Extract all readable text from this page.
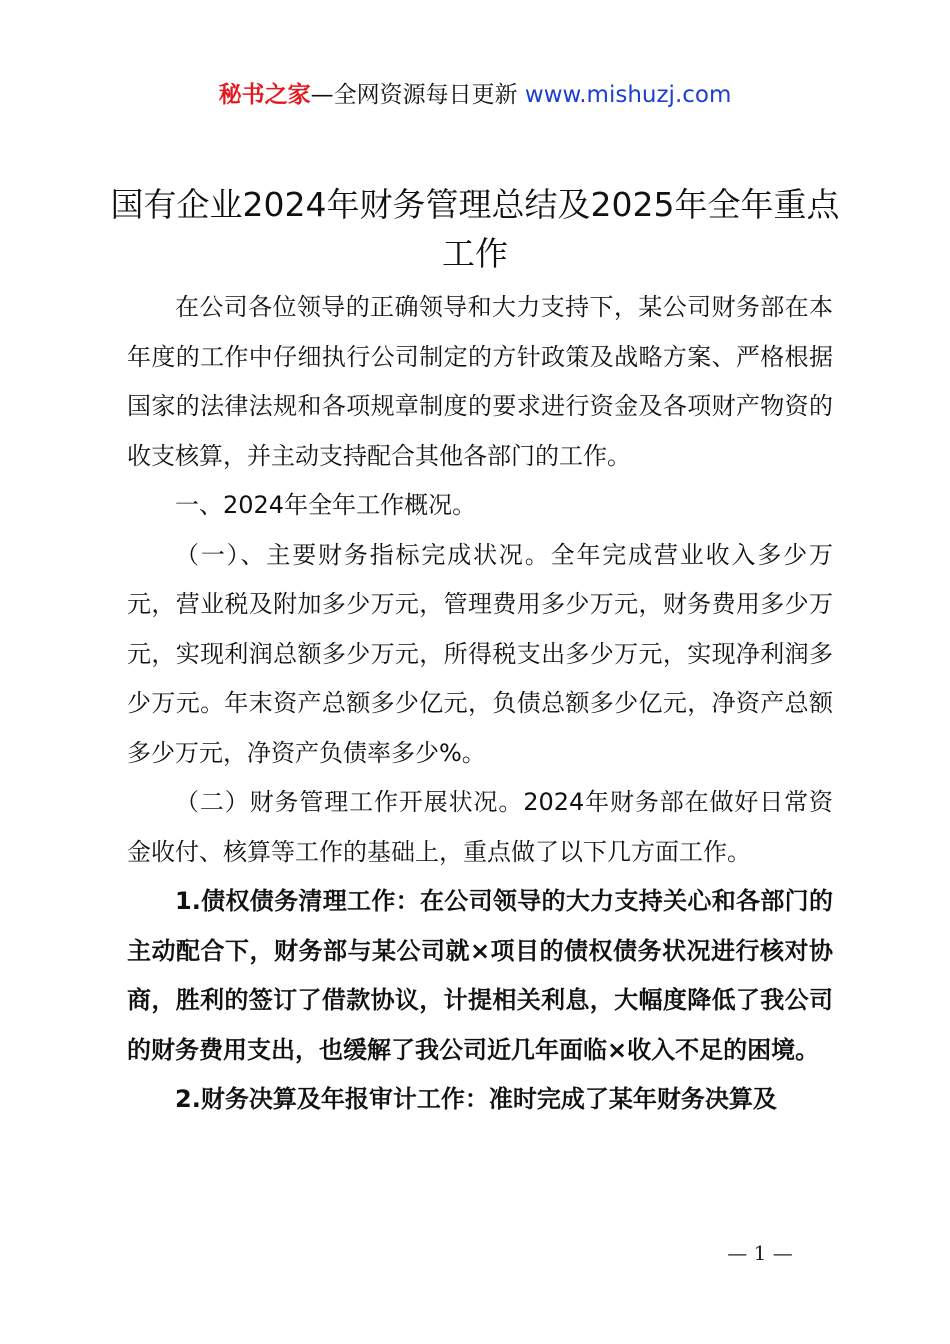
秘书之家—全网资源每日更新 www.mishuzj.com
国有企业2024年财务管理总结及2025年全年重点工作

在公司各位领导的正确领导和大力支持下，某公司财务部在本年度的工作中仔细执行公司制定的方针政策及战略方案、严格根据国家的法律法规和各项规章制度的要求进行资金及各项财产物资的收支核算，并主动支持配合其他各部门的工作。

一、2024年全年工作概况。

（一）、主要财务指标完成状况。全年完成营业收入多少万元，营业税及附加多少万元，管理费用多少万元，财务费用多少万元，实现利润总额多少万元，所得税支出多少万元，实现净利润多少万元。年末资产总额多少亿元，负债总额多少亿元，净资产总额多少万元，净资产负债率多少%。

（二）财务管理工作开展状况。2024年财务部在做好日常资金收付、核算等工作的基础上，重点做了以下几方面工作。

1.债权债务清理工作：在公司领导的大力支持关心和各部门的主动配合下，财务部与某公司就×项目的债权债务状况进行核对协商，胜利的签订了借款协议，计提相关利息，大幅度降低了我公司的财务费用支出，也缓解了我公司近几年面临×收入不足的困境。

2.财务决算及年报审计工作：准时完成了某年财务决算及

— 1 —
